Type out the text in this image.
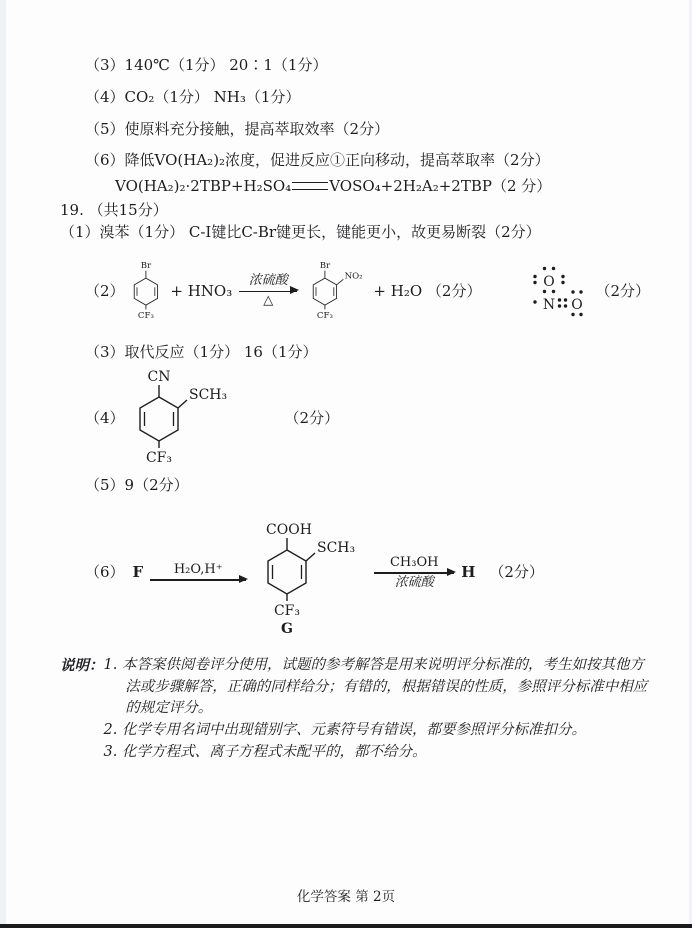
（3）140℃（1分） 20∶1（1分）
（4）CO₂（1分） NH₃（1分）
（5）使原料充分接触，提高萃取效率（2分）
（6）降低VO(HA₂)₂浓度，促进反应①正向移动，提高萃取率（2分）
VO(HA₂)₂·2TBP+H₂SO₄	VOSO₄+2H₂A₂+2TBP（2 分）
19. （共15分）
（1）溴苯（1分） C-I键比C-Br键更长，键能更小，故更易断裂（2分）
（2）
Br
CF₃
+ HNO₃
浓硫酸
△
Br
NO₂
CF₃
+ H₂O （2分）	O
N O
（2分）
（3）取代反应（1分） 16（1分）
（4）
CN
SCH₃
CF₃
（2分）
（5）9（2分）
（6） F H₂O,H⁺
COOH
SCH₃
CF₃
G
CH₃OH
浓硫酸
H （2分）
说明： 1. 本答案供阅卷评分使用，试题的参考解答是用来说明评分标准的，考生如按其他方法或步骤解答，正确的同样给分；有错的，根据错误的性质，参照评分标准中相应的规定评分。
2. 化学专用名词中出现错别字、元素符号有错误，都要参照评分标准扣分。
3. 化学方程式、离子方程式未配平的，都不给分。
化学答案 第 2页
